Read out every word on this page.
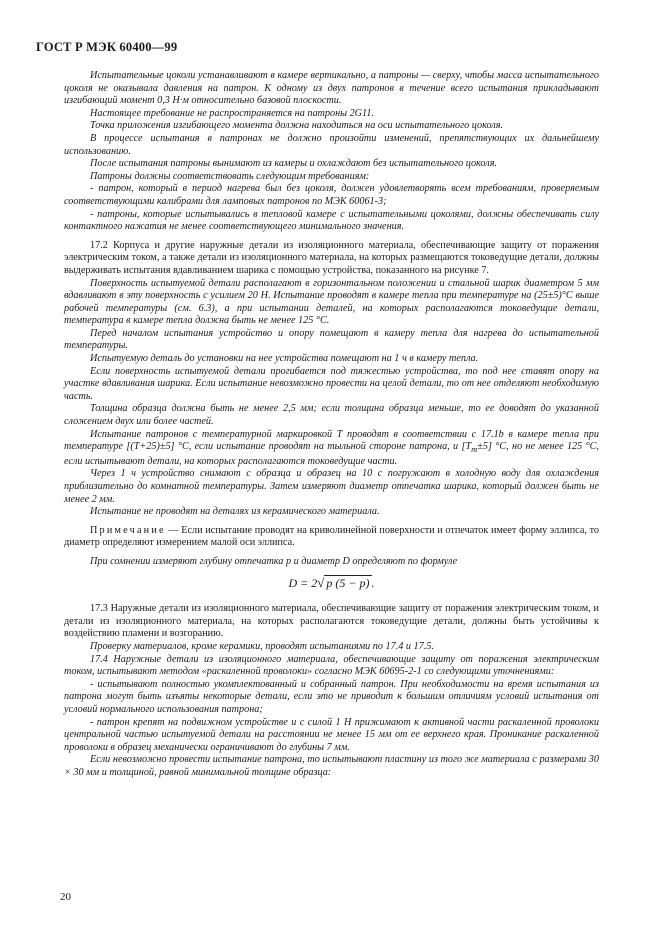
ГОСТ Р МЭК 60400—99

Испытательные цоколи устанавливают в камере вертикально, а патроны — сверху, чтобы масса испытательного цоколя не оказывала давления на патрон. К одному из двух патронов в течение всего испытания прикладывают изгибающий момент 0,3 Н·м относительно базовой плоскости.

Настоящее требование не распространяется на патроны 2G11.

Точка приложения изгибающего момента должна находиться на оси испытательного цоколя.

В процессе испытания в патронах не должно произойти изменений, препятствующих их дальнейшему использованию.

После испытания патроны вынимают из камеры и охлаждают без испытательного цоколя.

Патроны должны соответствовать следующим требованиям:

- патрон, который в период нагрева был без цоколя, должен удовлетворять всем требованиям, проверяемым соответствующими калибрами для ламповых патронов по МЭК 60061-3;

- патроны, которые испытывались в тепловой камере с испытательными цоколями, должны обеспечивать силу контактного нажатия не менее соответствующего минимального значения.

17.2 Корпуса и другие наружные детали из изоляционного материала, обеспечивающие защиту от поражения электрическим током, а также детали из изоляционного материала, на которых размещаются токоведущие детали, должны выдерживать испытания вдавливанием шарика с помощью устройства, показанного на рисунке 7.

Поверхность испытуемой детали располагают в горизонтальном положении и стальной шарик диаметром 5 мм вдавливают в эту поверхность с усилием 20 Н. Испытание проводят в камере тепла при температуре на (25±5)°С выше рабочей температуры (см. 6.3), а при испытании деталей, на которых располагаются токоведущие детали, температура в камере тепла должна быть не менее 125 °С.

Перед началом испытания устройство и опору помещают в камеру тепла для нагрева до испытательной температуры.

Испытуемую деталь до установки на нее устройства помещают на 1 ч в камеру тепла.

Если поверхность испытуемой детали прогибается под тяжестью устройства, то под нее ставят опору на участке вдавливания шарика. Если испытание невозможно провести на целой детали, то от нее отделяют необходимую часть.

Толщина образца должна быть не менее 2,5 мм; если толщина образца меньше, то ее доводят до указанной сложением двух или более частей.

Испытание патронов с температурной маркировкой Т проводят в соответствии с 17.1b в камере тепла при температуре [(Т+25)±5] °С, если испытание проводят на тыльной стороне патрона, и $[Т_m\pm 5]$ °С, но не менее 125 °С, если испытывают детали, на которых располагаются токоведущие части.

Через 1 ч устройство снимают с образца и образец на 10 с погружают в холодную воду для охлаждения приблизительно до комнатной температуры. Затем измеряют диаметр отпечатка шарика, который должен быть не менее 2 мм.

Испытание не проводят на деталях из керамического материала.

Примечание — Если испытание проводят на криволинейной поверхности и отпечаток имеет форму эллипса, то диаметр определяют измерением малой оси эллипса.

При сомнении измеряют глубину отпечатка p и диаметр D определяют по формуле

D = 2√ p (5 − p) .

17.3 Наружные детали из изоляционного материала, обеспечивающие защиту от поражения электрическим током, и детали из изоляционного материала, на которых располагаются токоведущие детали, должны быть устойчивы к воздействию пламени и возгоранию.

Проверку материалов, кроме керамики, проводят испытаниями по 17.4 и 17.5.

17.4 Наружные детали из изоляционного материала, обеспечивающие защиту от поражения электрическим током, испытывают методом «раскаленной проволоки» согласно МЭК 60695-2-1 со следующими уточнениями:

- испытывают полностью укомплектованный и собранный патрон. При необходимости на время испытания из патрона могут быть изъяты некоторые детали, если это не приводит к большим отличиям условий испытания от условий нормального использования патрона;

- патрон крепят на подвижном устройстве и с силой 1 Н прижимают к активной части раскаленной проволоки центральной частью испытуемой детали на расстоянии не менее 15 мм от ее верхнего края. Проникание раскаленной проволоки в образец механически ограничивают до глубины 7 мм.

Если невозможно провести испытание патрона, то испытывают пластину из того же материала с размерами 30 × 30 мм и толщиной, равной минимальной толщине образца:

20
